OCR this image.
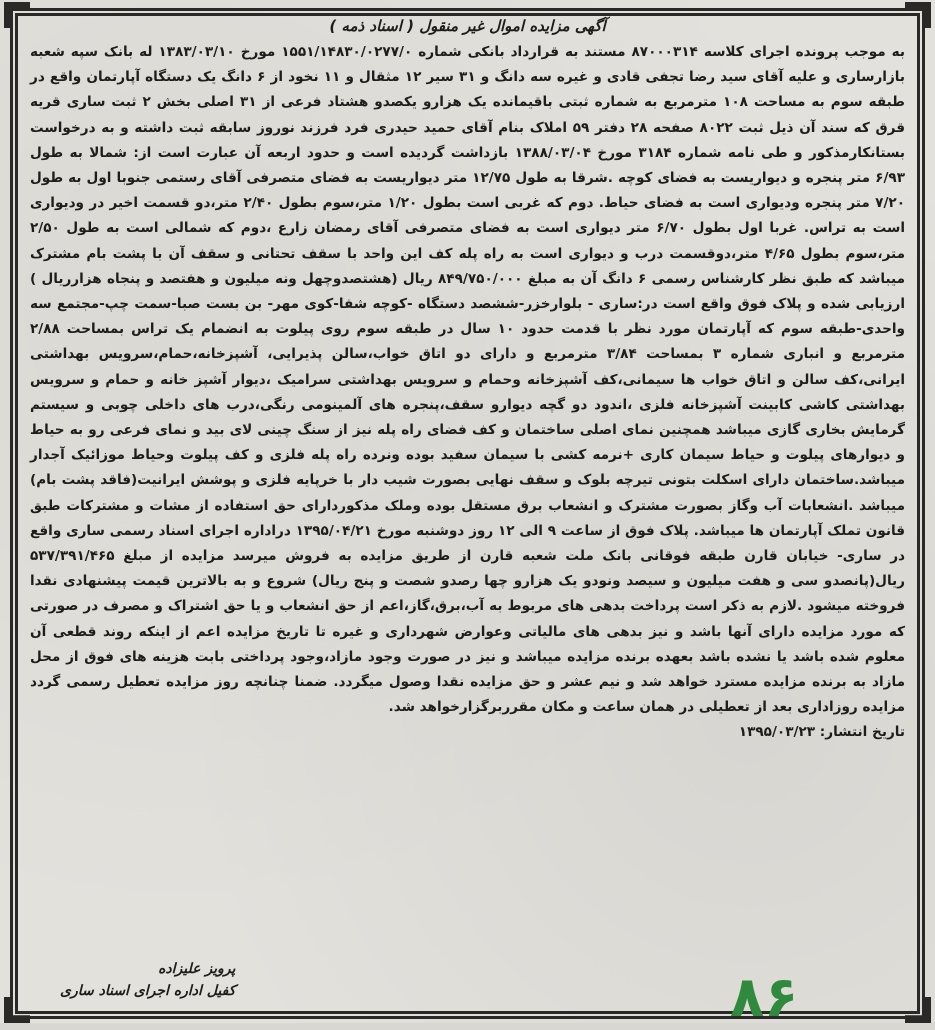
آگهی مزایده اموال غیر منقول ( اسناد ذمه )

به موجب پرونده اجرای کلاسه ۸۷۰۰۰۳۱۴ مستند به قرارداد بانکی شماره ۱۵۵۱/۱۴۸۳۰/۰۲۷۷/۰ مورخ ۱۳۸۳/۰۳/۱۰ له بانک سپه شعبه بازارساری و علیه آقای سید رضا تجفی قادی و غیره سه دانگ و ۳۱ سیر ۱۲ مثقال و ۱۱ نخود از ۶ دانگ یک دستگاه آپارتمان واقع در طبقه سوم به مساحت ۱۰۸ مترمربع به شماره ثبتی باقیمانده یک هزارو یکصدو هشتاد فرعی از ۳۱ اصلی بخش ۲ ثبت ساری قریه قرق که سند آن ذیل ثبت ۸۰۲۲ صفحه ۲۸ دفتر ۵۹ املاک بنام آقای حمید حیدری فرد فرزند نوروز سابقه ثبت داشته و به درخواست بستانکارمذکور و طی نامه شماره ۳۱۸۴ مورخ ۱۳۸۸/۰۳/۰۴ بازداشت گردیده است و حدود اربعه آن عبارت است از: شمالا به طول ۶/۹۳ متر پنجره و دیواریست به فضای کوچه .شرقا به طول ۱۲/۷۵ متر دیواریست به فضای متصرفی آقای رستمی جنوبا اول به طول ۷/۲۰ متر پنجره ودیواری است به فضای حیاط. دوم که غربی است بطول ۱/۲۰ متر،سوم بطول ۲/۴۰ متر،دو قسمت اخیر در ودیواری است به تراس. غربا اول بطول ۶/۷۰ متر دیواری است به فضای متصرفی آقای رمضان زارع ،دوم که شمالی است به طول ۲/۵۰ متر،سوم بطول ۴/۶۵ متر،دوقسمت درب و دیواری است به راه پله کف این واحد با سقف تحتانی و سقف آن با پشت بام مشترک میباشد که طبق نظر کارشناس رسمی ۶ دانگ آن به مبلغ ۸۴۹/۷۵۰/۰۰۰ ریال (هشتصدوچهل ونه میلیون و هفتصد و پنجاه هزارریال ) ارزیابی شده و پلاک فوق واقع است در:ساری - بلوارخزر-ششصد دستگاه -کوچه شفا-کوی مهر- بن بست صبا-سمت چپ-مجتمع سه واحدی-طبقه سوم که آپارتمان مورد نظر با قدمت حدود ۱۰ سال در طبقه سوم روی پیلوت به انضمام یک تراس بمساحت ۲/۸۸ مترمربع و انباری شماره ۳ بمساحت ۳/۸۴ مترمربع و دارای دو اتاق خواب،سالن پذیرایی، آشپزخانه،حمام،سرویس بهداشتی ایرانی،کف سالن و اتاق خواب ها سیمانی،کف آشپزخانه وحمام و سرویس بهداشتی سرامیک ،دیوار آشپز خانه و حمام و سرویس بهداشتی کاشی کابینت آشپزخانه فلزی ،اندود دو گچه دیوارو سقف،پنجره های آلمینومی رنگی،درب های داخلی چوبی و سیستم گرمایش بخاری گازی میباشد همچنین نمای اصلی ساختمان و کف فضای راه پله نیز از سنگ چینی لای بید و نمای فرعی رو به حیاط و دیوارهای پیلوت و حیاط سیمان کاری +نرمه کشی با سیمان سفید بوده ونرده راه پله فلزی و کف پیلوت وحیاط موزائیک آجدار میباشد.ساختمان دارای اسکلت بتونی تیرچه بلوک و سقف نهایی بصورت شیب دار با خرپایه فلزی و پوشش ایرانیت(فاقد پشت بام) میباشد .انشعابات آب وگاز بصورت مشترک و انشعاب برق مستقل بوده وملک مذکوردارای حق استفاده از مشات و مشترکات طبق قانون تملک آپارتمان ها میباشد. پلاک فوق از ساعت ۹ الی ۱۲ روز دوشنبه مورخ ۱۳۹۵/۰۴/۲۱ دراداره اجرای اسناد رسمی ساری واقع در ساری- خیابان قارن طبقه فوقانی بانک ملت شعبه قارن از طریق مزایده به فروش میرسد مزایده از مبلغ ۵۳۷/۳۹۱/۴۶۵ ریال(پانصدو سی و هفت میلیون و سیصد ونودو یک هزارو چها رصدو شصت و پنج ریال) شروع و به بالاترین قیمت پیشنهادی نقدا فروخته میشود .لازم به ذکر است پرداخت بدهی های مربوط به آب،برق،گاز،اعم از حق انشعاب و یا حق اشتراک و مصرف در صورتی که مورد مزایده دارای آنها باشد و نیز بدهی های مالیاتی وعوارض شهرداری و غیره تا تاریخ مزایده اعم از اینکه روند قطعی آن معلوم شده باشد یا نشده باشد بعهده برنده مزایده میباشد و نیز در صورت وجود مازاد،وجود پرداختی بابت هزینه های فوق از محل مازاد به برنده مزایده مسترد خواهد شد و نیم عشر و حق مزایده نقدا وصول میگردد. ضمنا چنانچه روز مزایده تعطیل رسمی گردد مزایده روزاداری بعد از تعطیلی در همان ساعت و مکان مقرربرگزارخواهد شد.

تاریخ انتشار: ۱۳۹۵/۰۳/۲۳

پرویز علیزاده
کفیل اداره اجرای اسناد ساری	۸۶
